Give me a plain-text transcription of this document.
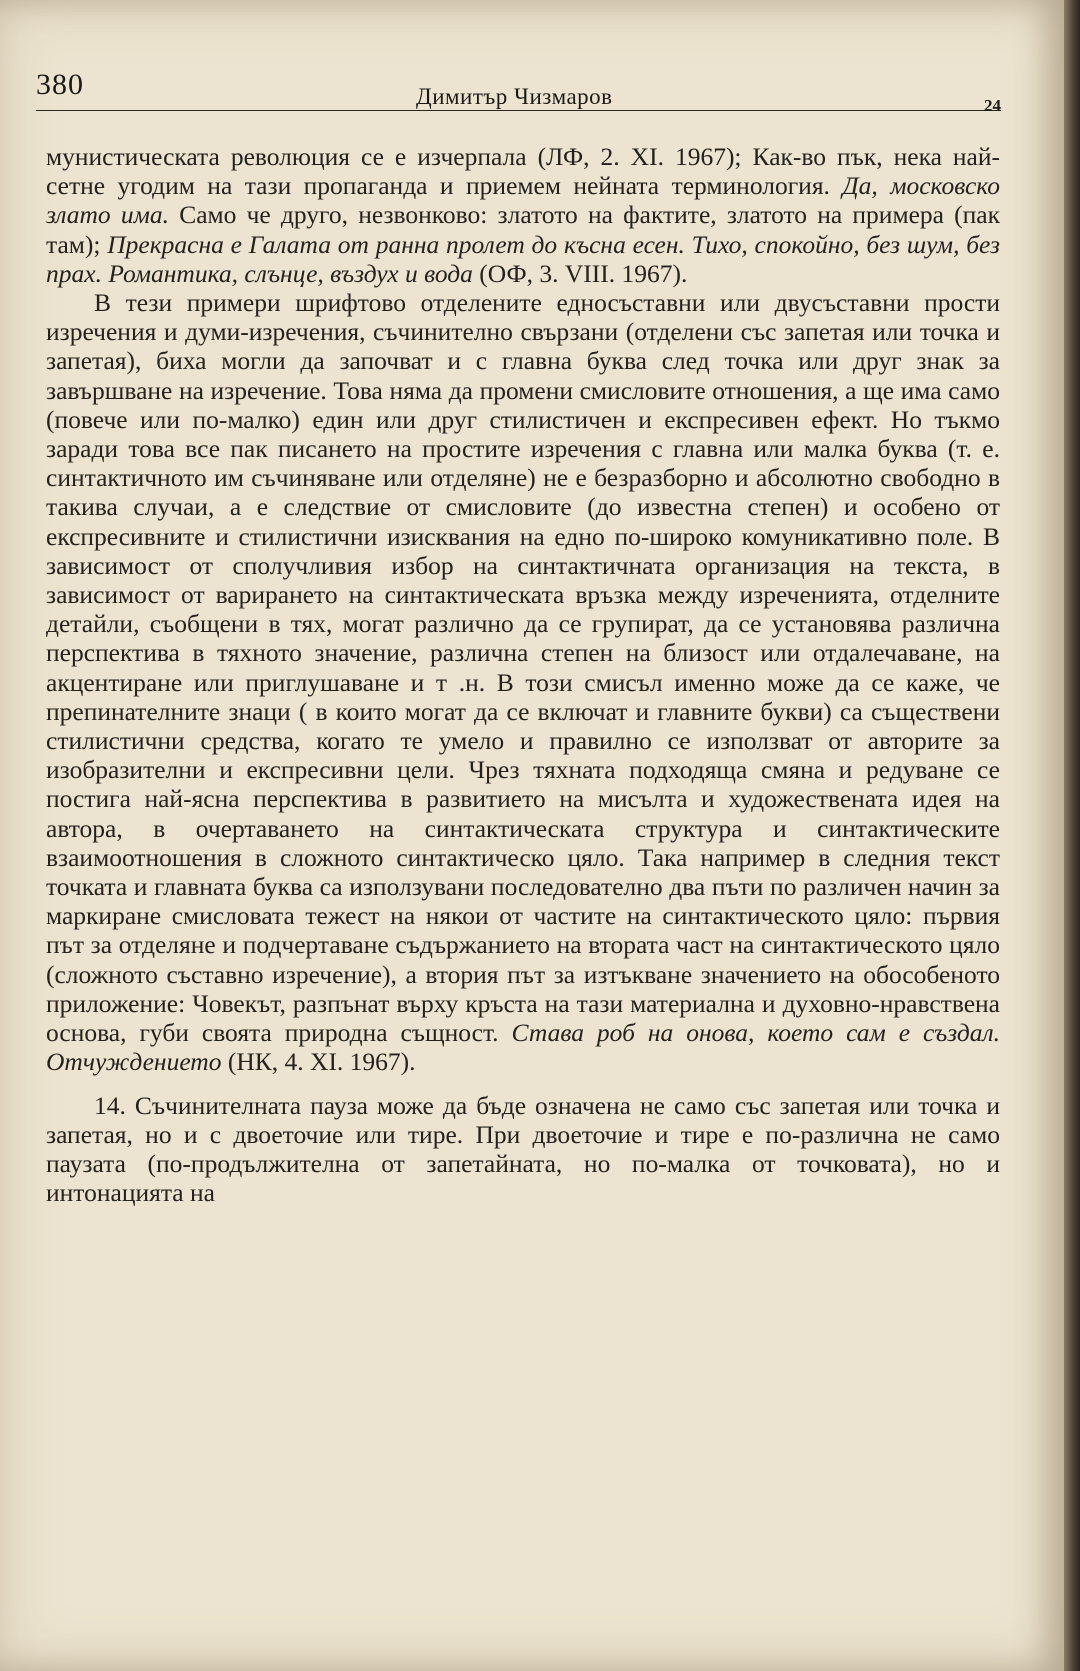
380	Димитър Чизмаров	24

мунистическата революция се е изчерпала (ЛФ, 2. XI. 1967); Как-во пък, нека най-сетне угодим на тази пропаганда и приемем нейната терминология. Да, московско злато има. Само че друго, незвонково: златото на фактите, златото на примера (пак там); Прекрасна е Галата от ранна пролет до късна есен. Тихо, спокойно, без шум, без прах. Романтика, слънце, въздух и вода (ОФ, 3. VIII. 1967).

В тези примери шрифтово отделените едносъставни или двусъставни прости изречения и думи-изречения, съчинително свързани (отделени със запетая или точка и запетая), биха могли да започват и с главна буква след точка или друг знак за завършване на изречение. Това няма да промени смисловите отношения, а ще има само (повече или по-малко) един или друг стилистичен и експресивен ефект. Но тъкмо заради това все пак писането на простите изречения с главна или малка буква (т. е. синтактичното им съчиняване или отделяне) не е безразборно и абсолютно свободно в такива случаи, а е следствие от смисловите (до известна степен) и особено от експресивните и стилистични изисквания на едно по-широко комуникативно поле. В зависимост от сполучливия избор на синтактичната организация на текста, в зависимост от варирането на синтактическата връзка между изреченията, отделните детайли, съобщени в тях, могат различно да се групират, да се установява различна перспектива в тяхното значение, различна степен на близост или отдалечаване, на акцентиране или приглушаване и т .н. В този смисъл именно може да се каже, че препинателните знаци ( в които могат да се включат и главните букви) са съществени стилистични средства, когато те умело и правилно се използват от авторите за изобразителни и експресивни цели. Чрез тяхната подходяща смяна и редуване се постига най-ясна перспектива в развитието на мисълта и художествената идея на автора, в очертаването на синтактическата структура и синтактическите взаимоотношения в сложното синтактическо цяло. Така например в следния текст точката и главната буква са използувани последователно два пъти по различен начин за маркиране смисловата тежест на някои от частите на синтактическото цяло: първия път за отделяне и подчертаване съдържанието на втората част на синтактическото цяло (сложното съставно изречение), а втория път за изтъкване значението на обособеното приложение: Човекът, разпънат върху кръста на тази материална и духовно-нравствена основа, губи своята природна същност. Става роб на онова, което сам е създал. Отчуждението (НК, 4. XI. 1967).

14. Съчинителната пауза може да бъде означена не само със запетая или точка и запетая, но и с двоеточие или тире. При двоеточие и тире е по-различна не само паузата (по-продължителна от запетайната, но по-малка от точковата), но и интонацията на
